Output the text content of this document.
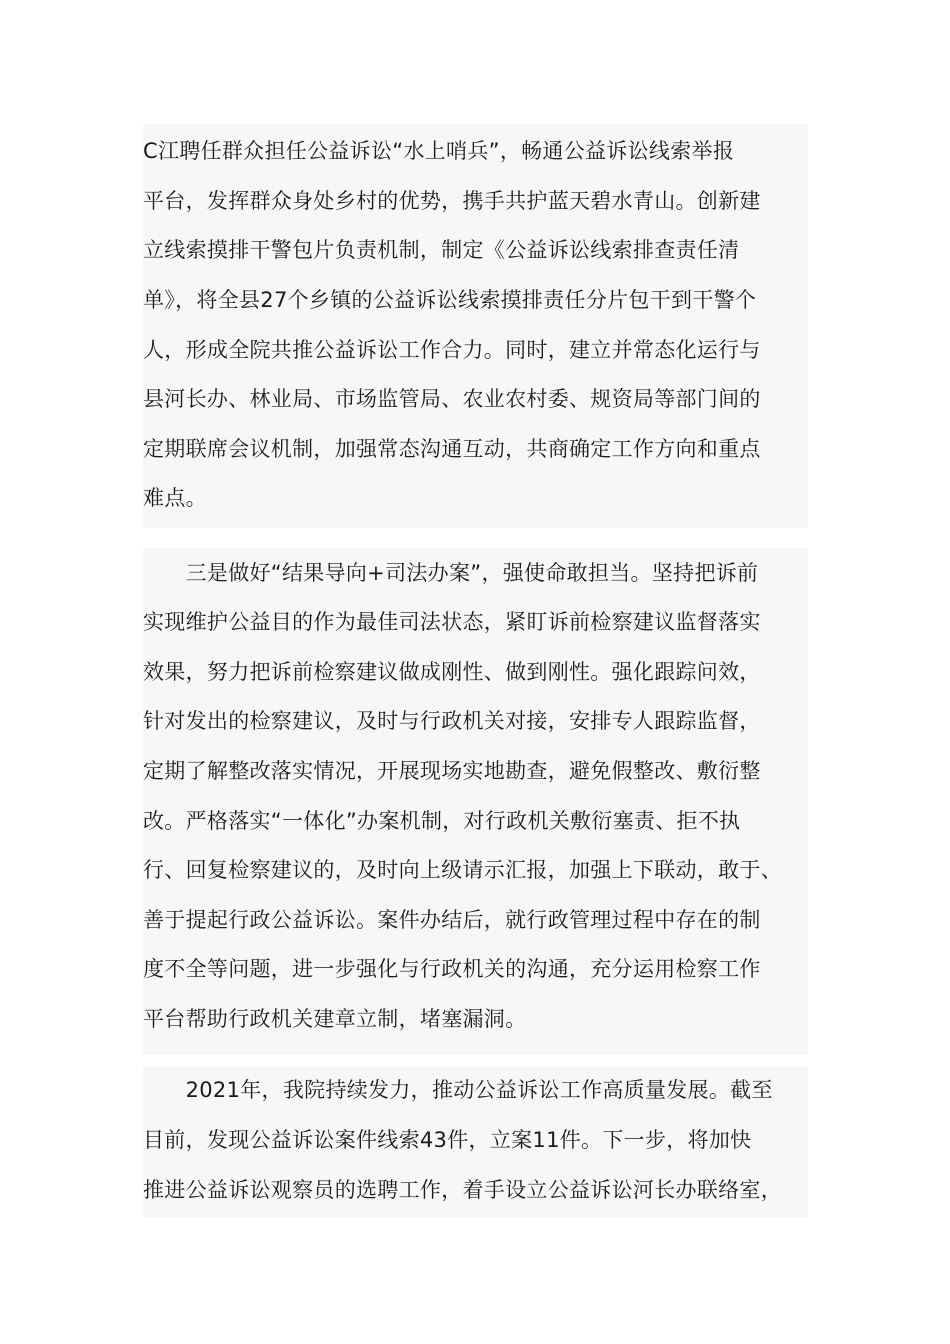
C江聘任群众担任公益诉讼“水上哨兵”，畅通公益诉讼线索举报
平台，发挥群众身处乡村的优势，携手共护蓝天碧水青山。创新建
立线索摸排干警包片负责机制，制定《公益诉讼线索排查责任清
单》，将全县27个乡镇的公益诉讼线索摸排责任分片包干到干警个
人，形成全院共推公益诉讼工作合力。同时，建立并常态化运行与
县河长办、林业局、市场监管局、农业农村委、规资局等部门间的
定期联席会议机制，加强常态沟通互动，共商确定工作方向和重点
难点。
　　三是做好“结果导向+司法办案”，强使命敢担当。坚持把诉前
实现维护公益目的作为最佳司法状态，紧盯诉前检察建议监督落实
效果，努力把诉前检察建议做成刚性、做到刚性。强化跟踪问效，
针对发出的检察建议，及时与行政机关对接，安排专人跟踪监督，
定期了解整改落实情况，开展现场实地勘查，避免假整改、敷衍整
改。严格落实“一体化”办案机制，对行政机关敷衍塞责、拒不执
行、回复检察建议的，及时向上级请示汇报，加强上下联动，敢于、
善于提起行政公益诉讼。案件办结后，就行政管理过程中存在的制
度不全等问题，进一步强化与行政机关的沟通，充分运用检察工作
平台帮助行政机关建章立制，堵塞漏洞。
　　2021年，我院持续发力，推动公益诉讼工作高质量发展。截至
目前，发现公益诉讼案件线索43件，立案11件。下一步，将加快
推进公益诉讼观察员的选聘工作，着手设立公益诉讼河长办联络室，
